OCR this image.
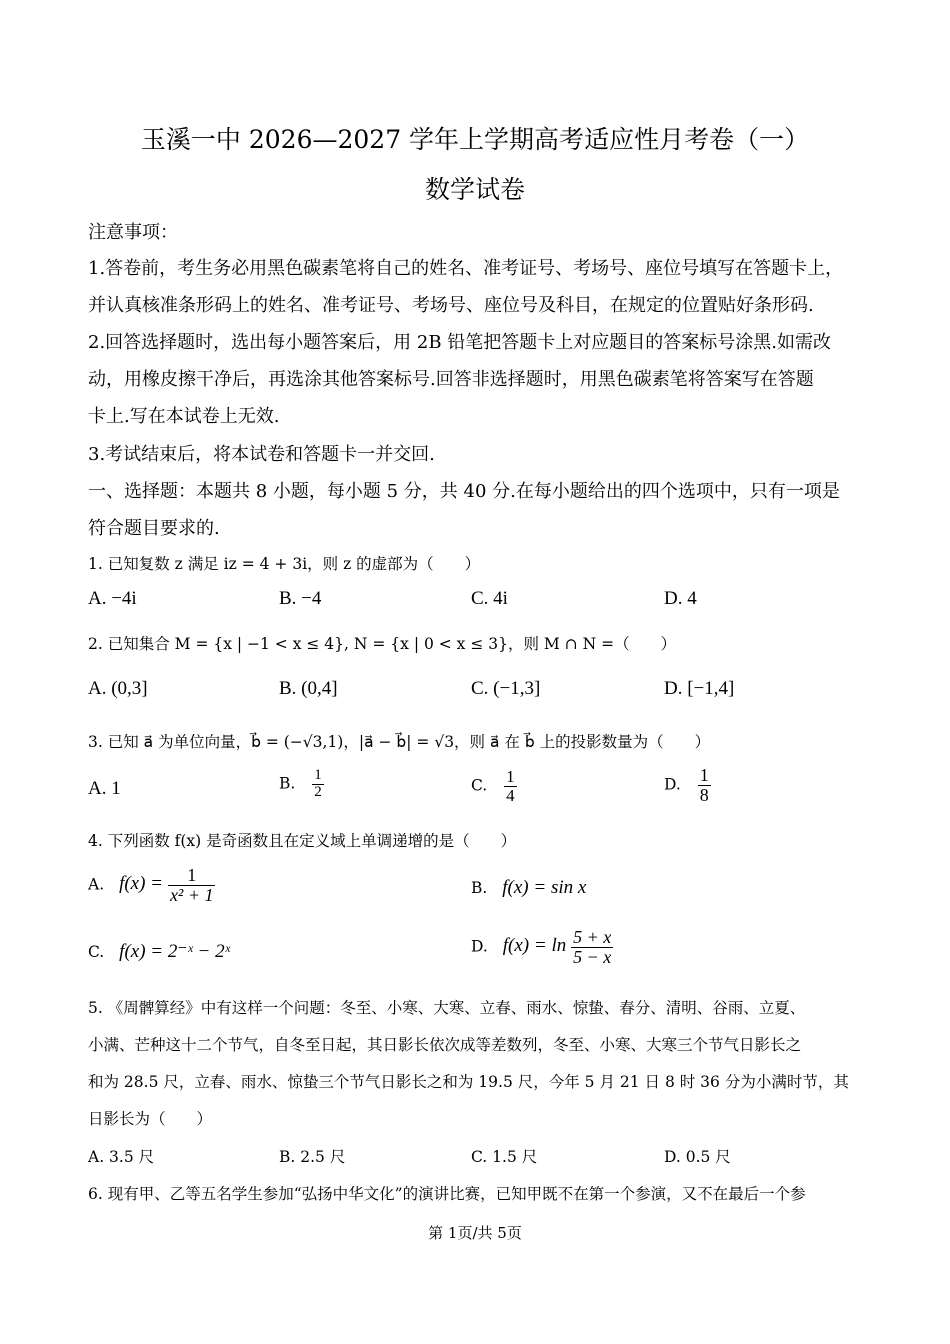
玉溪一中 2026—2027 学年上学期高考适应性月考卷（一）
数学试卷
注意事项：
1.答卷前，考生务必用黑色碳素笔将自己的姓名、准考证号、考场号、座位号填写在答题卡上，
并认真核准条形码上的姓名、准考证号、考场号、座位号及科目，在规定的位置贴好条形码.
2.回答选择题时，选出每小题答案后，用 2B 铅笔把答题卡上对应题目的答案标号涂黑.如需改
动，用橡皮擦干净后，再选涂其他答案标号.回答非选择题时，用黑色碳素笔将答案写在答题
卡上.写在本试卷上无效.
3.考试结束后，将本试卷和答题卡一并交回.
一、选择题：本题共 8 小题，每小题 5 分，共 40 分.在每小题给出的四个选项中，只有一项是
符合题目要求的.
1. 已知复数 z 满足 iz = 4 + 3i，则 z 的虚部为（　　）
A. −4i	B. −4	C. 4i	D. 4
2. 已知集合 M = {x | −1 < x ≤ 4}, N = {x | 0 < x ≤ 3}，则 M ∩ N =（　　）
A. (0,3]	B. (0,4]	C. (−1,3]	D. [−1,4]
3. 已知 a⃗ 为单位向量，b⃗ = (−√3,1)，|a⃗ − b⃗| = √3，则 a⃗ 在 b⃗ 上的投影数量为（　　）
A. 1	B. $\frac{1}{2}$	C. $\frac{1}{4}$	D. $\frac{1}{8}$
4. 下列函数 f(x) 是奇函数且在定义域上单调递增的是（　　）
A. $f(x) = \frac{1}{\text{x² + 1}}$	B. f(x) = sin x
C. f(x) = 2⁻ˣ − 2ˣ	D. $f(x) = \ln \frac{5 + x}{5 - x}$
5. 《周髀算经》中有这样一个问题：冬至、小寒、大寒、立春、雨水、惊蛰、春分、清明、谷雨、立夏、
小满、芒种这十二个节气，自冬至日起，其日影长依次成等差数列，冬至、小寒、大寒三个节气日影长之
和为 28.5 尺，立春、雨水、惊蛰三个节气日影长之和为 19.5 尺，今年 5 月 21 日 8 时 36 分为小满时节，其
日影长为（　　）
A. 3.5 尺	B. 2.5 尺	C. 1.5 尺	D. 0.5 尺
6. 现有甲、乙等五名学生参加“弘扬中华文化”的演讲比赛，已知甲既不在第一个参演，又不在最后一个参
第 1页/共 5页
